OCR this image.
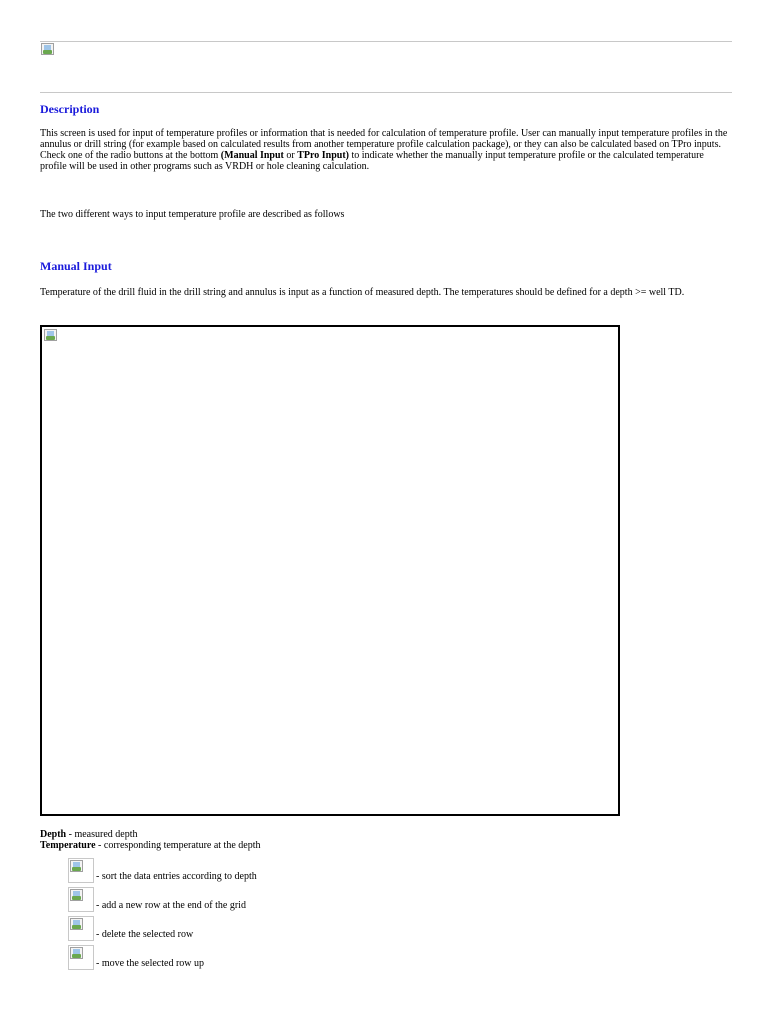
Description

This screen is used for input of temperature profiles or information that is needed for calculation of temperature profile. User can manually input temperature profiles in the annulus or drill string (for example based on calculated results from another temperature profile calculation package), or they can also be calculated based on TPro inputs. Check one of the radio buttons at the bottom (Manual Input or TPro Input) to indicate whether the manually input temperature profile or the calculated temperature profile will be used in other programs such as VRDH or hole cleaning calculation.

The two different ways to input temperature profile are described as follows

Manual Input

Temperature of the drill fluid in the drill string and annulus is input as a function of measured depth. The temperatures should be defined for a depth >= well TD.

Depth - measured depth
Temperature - corresponding temperature at the depth
- sort the data entries according to depth
- add a new row at the end of the grid
- delete the selected row
- move the selected row up
